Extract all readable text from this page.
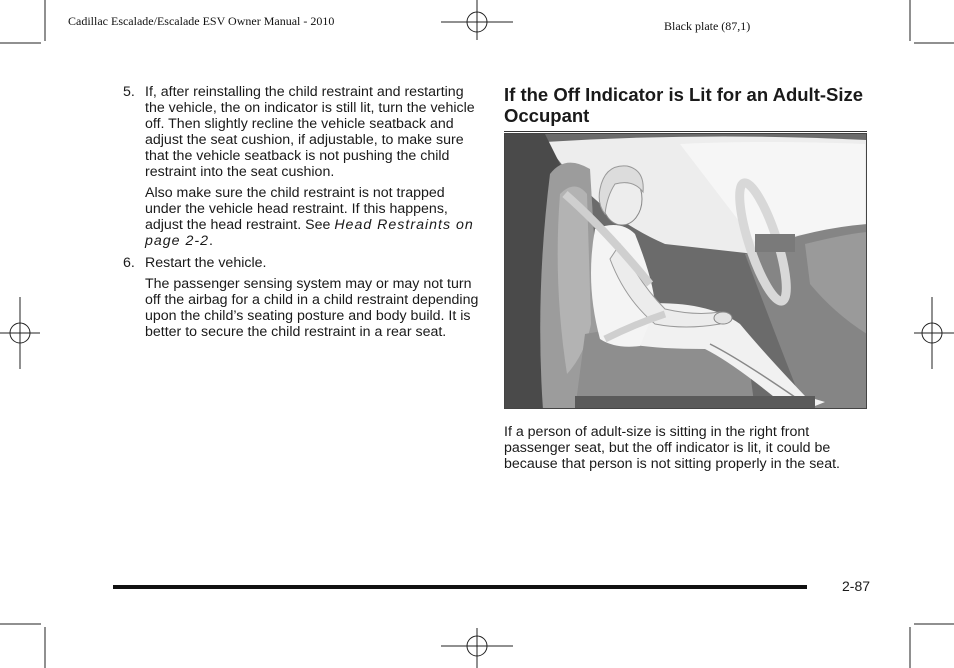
Cadillac Escalade/Escalade ESV Owner Manual - 2010	Black plate (87,1)
5. If, after reinstalling the child restraint and restarting the vehicle, the on indicator is still lit, turn the vehicle off. Then slightly recline the vehicle seatback and adjust the seat cushion, if adjustable, to make sure that the vehicle seatback is not pushing the child restraint into the seat cushion.
Also make sure the child restraint is not trapped under the vehicle head restraint. If this happens, adjust the head restraint. See Head Restraints on page 2-2.
6. Restart the vehicle.
The passenger sensing system may or may not turn off the airbag for a child in a child restraint depending upon the child’s seating posture and body build. It is better to secure the child restraint in a rear seat.
If the Off Indicator is Lit for an Adult-Size Occupant
If a person of adult-size is sitting in the right front passenger seat, but the off indicator is lit, it could be because that person is not sitting properly in the seat.
2-87
